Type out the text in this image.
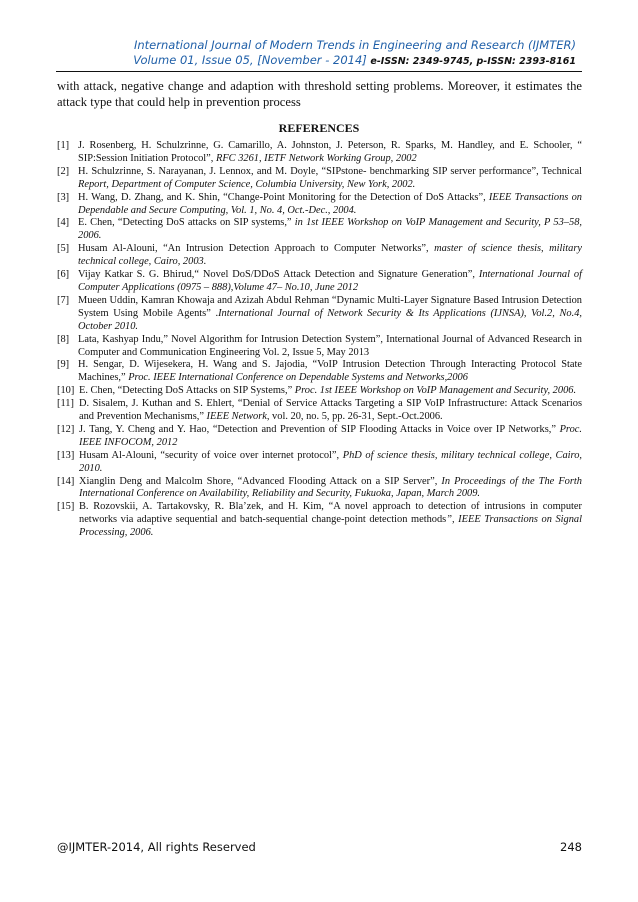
International Journal of Modern Trends in Engineering and Research (IJMTER)
Volume 01, Issue 05, [November - 2014] e-ISSN: 2349-9745, p-ISSN: 2393-8161
with attack, negative change and adaption with threshold setting problems. Moreover, it estimates the attack type that could help in prevention process
REFERENCES
[1] J. Rosenberg, H. Schulzrinne, G. Camarillo, A. Johnston, J. Peterson, R. Sparks, M. Handley, and E. Schooler, “ SIP:Session Initiation Protocol”, RFC 3261, IETF Network Working Group, 2002
[2] H. Schulzrinne, S. Narayanan, J. Lennox, and M. Doyle, “SIPstone- benchmarking SIP server performance”, Technical Report, Department of Computer Science, Columbia University, New York, 2002.
[3] H. Wang, D. Zhang, and K. Shin, “Change-Point Monitoring for the Detection of DoS Attacks”, IEEE Transactions on Dependable and Secure Computing, Vol. 1, No. 4, Oct.-Dec., 2004.
[4] E. Chen, “Detecting DoS attacks on SIP systems,” in 1st IEEE Workshop on VoIP Management and Security, P 53–58, 2006.
[5] Husam Al-Alouni, “An Intrusion Detection Approach to Computer Networks”, master of science thesis, military technical college, Cairo, 2003.
[6] Vijay Katkar S. G. Bhirud,“ Novel DoS/DDoS Attack Detection and Signature Generation”, International Journal of Computer Applications (0975 – 888),Volume 47– No.10, June 2012
[7] Mueen Uddin, Kamran Khowaja and Azizah Abdul Rehman “Dynamic Multi-Layer Signature Based Intrusion Detection System Using Mobile Agents” .International Journal of Network Security & Its Applications (IJNSA), Vol.2, No.4, October 2010.
[8] Lata, Kashyap Indu,” Novel Algorithm for Intrusion Detection System”, International Journal of Advanced Research in Computer and Communication Engineering Vol. 2, Issue 5, May 2013
[9] H. Sengar, D. Wijesekera, H. Wang and S. Jajodia, “VoIP Intrusion Detection Through Interacting Protocol State Machines,” Proc. IEEE International Conference on Dependable Systems and Networks,2006
[10] E. Chen, “Detecting DoS Attacks on SIP Systems,” Proc. 1st IEEE Workshop on VoIP Management and Security, 2006.
[11] D. Sisalem, J. Kuthan and S. Ehlert, “Denial of Service Attacks Targeting a SIP VoIP Infrastructure: Attack Scenarios and Prevention Mechanisms,” IEEE Network, vol. 20, no. 5, pp. 26-31, Sept.-Oct.2006.
[12] J. Tang, Y. Cheng and Y. Hao, “Detection and Prevention of SIP Flooding Attacks in Voice over IP Networks,” Proc. IEEE INFOCOM, 2012
[13] Husam Al-Alouni, “security of voice over internet protocol”, PhD of science thesis, military technical college, Cairo, 2010.
[14] Xianglin Deng and Malcolm Shore, “Advanced Flooding Attack on a SIP Server”, In Proceedings of the The Forth International Conference on Availability, Reliability and Security, Fukuoka, Japan, March 2009.
[15] B. Rozovskii, A. Tartakovsky, R. Bla’zek, and H. Kim, “A novel approach to detection of intrusions in computer networks via adaptive sequential and batch-sequential change-point detection methods”, IEEE Transactions on Signal Processing, 2006.
@IJMTER-2014, All rights Reserved	248
